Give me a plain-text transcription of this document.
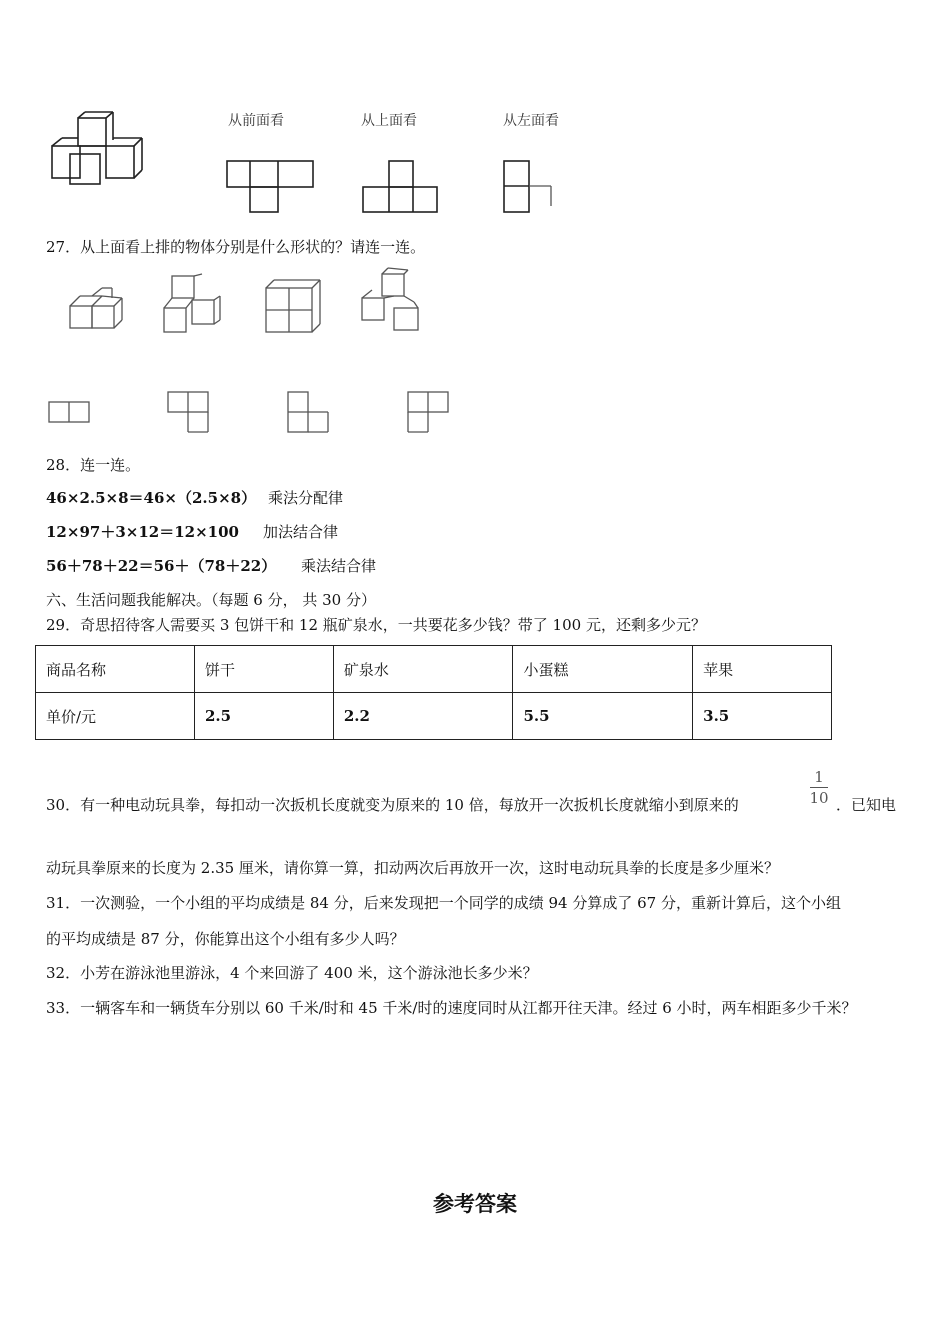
从前面看	从上面看	从左面看
27．从上面看上排的物体分别是什么形状的？请连一连。
28．连一连。
46×2.5×8＝46×（2.5×8） 乘法分配律
12×97＋3×12＝12×100 加法结合律
56＋78＋22＝56＋（78＋22） 乘法结合律
六、生活问题我能解决。（每题 6 分， 共 30 分）
29．奇思招待客人需要买 3 包饼干和 12 瓶矿泉水，一共要花多少钱？带了 100 元，还剩多少元？
商品名称	饼干	矿泉水	小蛋糕	苹果
单价/元	2.5	2.2	5.5	3.5
30．有一种电动玩具拳，每扣动一次扳机长度就变为原来的 10 倍，每放开一次扳机长度就缩小到原来的
1
10 ．已知电
动玩具拳原来的长度为 2.35 厘米，请你算一算，扣动两次后再放开一次，这时电动玩具拳的长度是多少厘米？
31．一次测验，一个小组的平均成绩是 84 分，后来发现把一个同学的成绩 94 分算成了 67 分，重新计算后，这个小组
的平均成绩是 87 分，你能算出这个小组有多少人吗？
32．小芳在游泳池里游泳，4 个来回游了 400 米，这个游泳池长多少米？
33．一辆客车和一辆货车分别以 60 千米/时和 45 千米/时的速度同时从江都开往天津。经过 6 小时，两车相距多少千米？
参考答案
